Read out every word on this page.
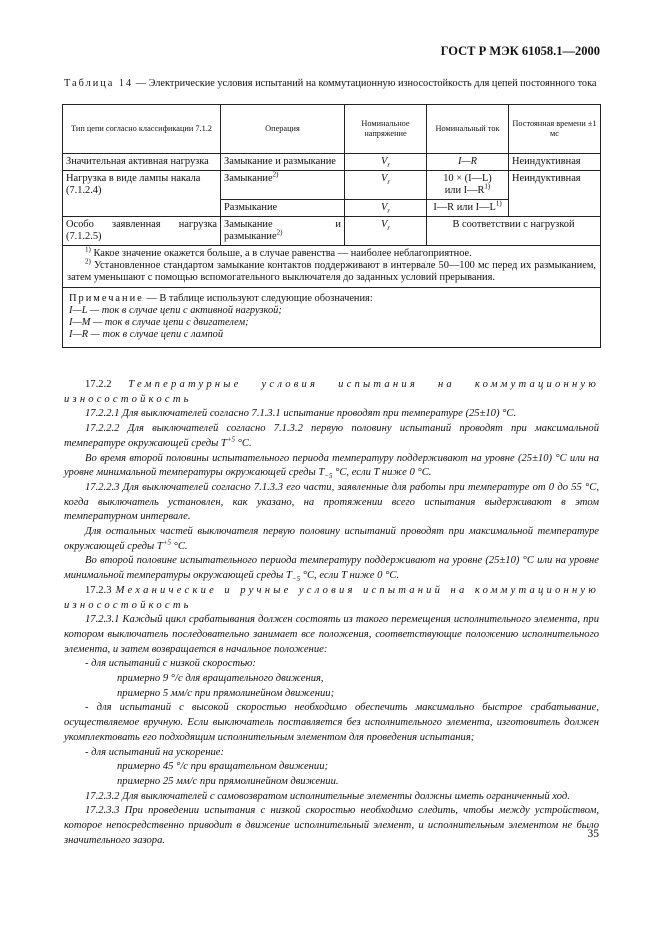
ГОСТ Р МЭК 61058.1—2000
Таблица 14 — Электрические условия испытаний на коммутационную износостойкость для цепей постоянного тока
Тип цепи согласно классификации 7.1.2	Операция	Номинальное напряжение	Номинальный ток	Постоянная времени ±1 мс
Значительная активная нагрузка	Замыкание и размыкание	$V_r$	I—R	Неиндуктивная
Нагрузка в виде лампы накала (7.1.2.4)	Замыкание$^{2)}$	$V_r$	10 × (I—L)
или $I—R^{1)}$	Неиндуктивная
	Размыкание	$V_r$	I—R или $I—L^{1)}$
Особо заявленная нагрузка (7.1.2.5)	Замыкание и размыкание$^{2)}$	$V_r$	В соответствии с нагрузкой	

$^{1)}$ Какое значение окажется больше, а в случае равенства — наиболее неблагоприятное.

$^{2)}$ Установленное стандартом замыкание контактов поддерживают в интервале 50—100 мс перед их размыканием, затем уменьшают с помощью вспомогательного выключателя до заданных условий прерывания.				

Примечание — В таблице используют следующие обозначения:

I—L — ток в случае цепи с активной нагрузкой;

I—M — ток в случае цепи с двигателем;

I—R — ток в случае цепи с лампой				

17.2.2 Температурные условия испытания на коммутационную износостойкость

17.2.2.1 Для выключателей согласно 7.1.3.1 испытание проводят при температуре (25±10) °С.

17.2.2.2 Для выключателей согласно 7.1.3.2 первую половину испытаний проводят при максимальной температуре окружающей среды $T^{+5}$ °С.

Во время второй половины испытательного периода температуру поддерживают на уровне (25±10) °С или на уровне минимальной температуры окружающей среды $T_{-5}$ °С, если T ниже 0 °С.

17.2.2.3 Для выключателей согласно 7.1.3.3 его части, заявленные для работы при температуре от 0 до 55 °С, когда выключатель установлен, как указано, на протяжении всего испытания выдерживают в этом температурном интервале.

Для остальных частей выключателя первую половину испытаний проводят при максимальной температуре окружающей среды $T^{+5}$ °С.

Во второй половине испытательного периода температуру поддерживают на уровне (25±10) °С или на уровне минимальной температуры окружающей среды $T_{-5}$ °С, если T ниже 0 °С.

17.2.3 Механические и ручные условия испытаний на коммутационную износостойкость

17.2.3.1 Каждый цикл срабатывания должен состоять из такого перемещения исполнительного элемента, при котором выключатель последовательно занимает все положения, соответствующие положению исполнительного элемента, и затем возвращается в начальное положение:

- для испытаний с низкой скоростью:

примерно 9 °/с для вращательного движения,

примерно 5 мм/с при прямолинейном движении;

- для испытаний с высокой скоростью необходимо обеспечить максимально быстрое срабатывание, осуществляемое вручную. Если выключатель поставляется без исполнительного элемента, изготовитель должен укомплектовать его подходящим исполнительным элементом для проведения испытания;

- для испытаний на ускорение:

примерно 45 °/с при вращательном движении;

примерно 25 мм/с при прямолинейном движении.

17.2.3.2 Для выключателей с самовозвратом исполнительные элементы должны иметь ограниченный ход.

17.2.3.3 При проведении испытания с низкой скоростью необходимо следить, чтобы между устройством, которое непосредственно приводит в движение исполнительный элемент, и исполнительным элементом не было значительного зазора.

35
